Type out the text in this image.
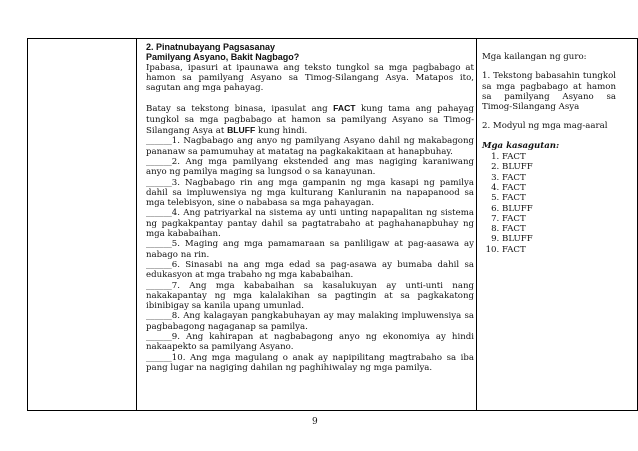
2. Pinatnubayang Pagsasanay
Pamilyang Asyano, Bakit Nagbago?

Ipabasa, ipasuri at ipaunawa ang teksto tungkol sa mga pagbabago at hamon sa pamilyang Asyano sa Timog-Silangang Asya. Matapos ito, sagutan ang mga pahayag.

Batay sa tekstong binasa, ipasulat ang FACT kung tama ang pahayag tungkol sa mga pagbabago at hamon sa pamilyang Asyano sa Timog-Silangang Asya at BLUFF kung hindi.

______1. Nagbabago ang anyo ng pamilyang Asyano dahil ng makabagong pananaw sa pamumuhay at matatag na pagkakakitaan at hanapbuhay.

______2. Ang mga pamilyang ekstended ang mas nagiging karaniwang anyo ng pamilya maging sa lungsod o sa kanayunan.

______3. Nagbabago rin ang mga gampanin ng mga kasapi ng pamilya dahil sa impluwensiya ng mga kulturang Kanluranin na napapanood sa mga telebisyon, sine o nababasa sa mga pahayagan.

______4. Ang patriyarkal na sistema ay unti unting napapalitan ng sistema ng pagkakpantay pantay dahil sa pagtatrabaho at paghahanapbuhay ng mga kababaihan.

______5. Maging ang mga pamamaraan sa panliligaw at pag-aasawa ay nabago na rin.

______6. Sinasabi na ang mga edad sa pag-asawa ay bumaba dahil sa edukasyon at mga trabaho ng mga kababaihan.

______7. Ang mga kababaihan sa kasalukuyan ay unti-unti nang nakakapantay ng mga kalalakihan sa pagtingin at sa pagkakatong ibinibigay sa kanila upang umunlad.

______8. Ang kalagayan pangkabuhayan ay may malaking impluwensiya sa pagbabagong nagaganap sa pamilya.

______9. Ang kahirapan at nagbabagong anyo ng ekonomiya ay hindi nakaapekto sa pamilyang Asyano.

______10. Ang mga magulang o anak ay napipilitang magtrabaho sa iba pang lugar na nagiging dahilan ng paghihiwalay ng mga pamilya.

Mga kailangan ng guro:

1. Tekstong babasahin tungkol sa mga pagbabago at hamon sa pamilyang Asyano sa Timog-Silangang Asya

2. Modyul ng mga mag-aaral

Mga kasagutan:
1. FACT
2. BLUFF
3. FACT
4. FACT
5. FACT
6. BLUFF
7. FACT
8. FACT
9. BLUFF
10. FACT
9
